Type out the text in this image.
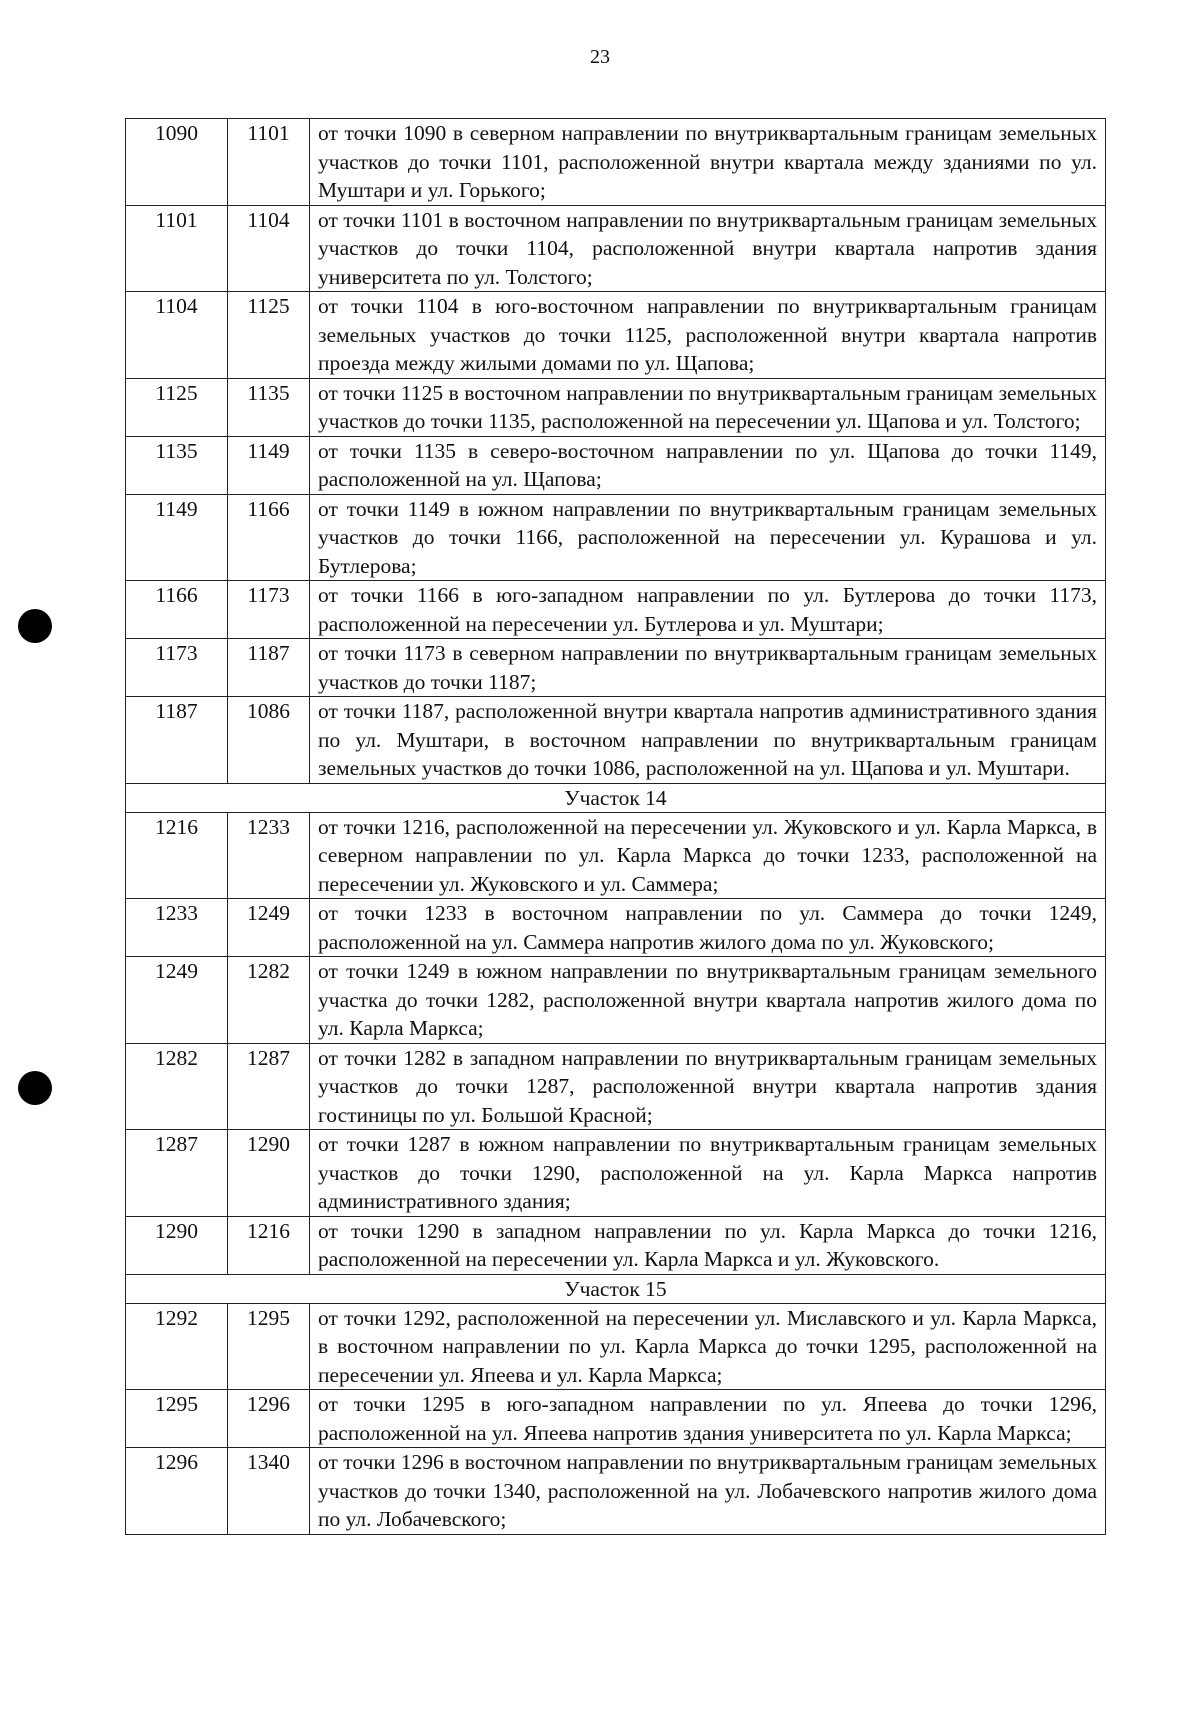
23
1090	1101	от точки 1090 в северном направлении по внутриквартальным границам земельных участков до точки 1101, расположенной внутри квартала между зданиями по ул. Муштари и ул. Горького;
1101	1104	от точки 1101 в восточном направлении по внутриквартальным границам земельных участков до точки 1104, расположенной внутри квартала напротив здания университета по ул. Толстого;
1104	1125	от точки 1104 в юго-восточном направлении по внутриквартальным границам земельных участков до точки 1125, расположенной внутри квартала напротив проезда между жилыми домами по ул. Щапова;
1125	1135	от точки 1125 в восточном направлении по внутриквартальным границам земельных участков до точки 1135, расположенной на пересечении ул. Щапова и ул. Толстого;
1135	1149	от точки 1135 в северо-восточном направлении по ул. Щапова до точки 1149, расположенной на ул. Щапова;
1149	1166	от точки 1149 в южном направлении по внутриквартальным границам земельных участков до точки 1166, расположенной на пересечении ул. Курашова и ул. Бутлерова;
1166	1173	от точки 1166 в юго-западном направлении по ул. Бутлерова до точки 1173, расположенной на пересечении ул. Бутлерова и ул. Муштари;
1173	1187	от точки 1173 в северном направлении по внутриквартальным границам земельных участков до точки 1187;
1187	1086	от точки 1187, расположенной внутри квартала напротив административного здания по ул. Муштари, в восточном направлении по внутриквартальным границам земельных участков до точки 1086, расположенной на ул. Щапова и ул. Муштари.
Участок 14		
1216	1233	от точки 1216, расположенной на пересечении ул. Жуковского и ул. Карла Маркса, в северном направлении по ул. Карла Маркса до точки 1233, расположенной на пересечении ул. Жуковского и ул. Саммера;
1233	1249	от точки 1233 в восточном направлении по ул. Саммера до точки 1249, расположенной на ул. Саммера напротив жилого дома по ул. Жуковского;
1249	1282	от точки 1249 в южном направлении по внутриквартальным границам земельного участка до точки 1282, расположенной внутри квартала напротив жилого дома по ул. Карла Маркса;
1282	1287	от точки 1282 в западном направлении по внутриквартальным границам земельных участков до точки 1287, расположенной внутри квартала напротив здания гостиницы по ул. Большой Красной;
1287	1290	от точки 1287 в южном направлении по внутриквартальным границам земельных участков до точки 1290, расположенной на ул. Карла Маркса напротив административного здания;
1290	1216	от точки 1290 в западном направлении по ул. Карла Маркса до точки 1216, расположенной на пересечении ул. Карла Маркса и ул. Жуковского.
Участок 15		
1292	1295	от точки 1292, расположенной на пересечении ул. Миславского и ул. Карла Маркса, в восточном направлении по ул. Карла Маркса до точки 1295, расположенной на пересечении ул. Япеева и ул. Карла Маркса;
1295	1296	от точки 1295 в юго-западном направлении по ул. Япеева до точки 1296, расположенной на ул. Япеева напротив здания университета по ул. Карла Маркса;
1296	1340	от точки 1296 в восточном направлении по внутриквартальным границам земельных участков до точки 1340, расположенной на ул. Лобачевского напротив жилого дома по ул. Лобачевского;
